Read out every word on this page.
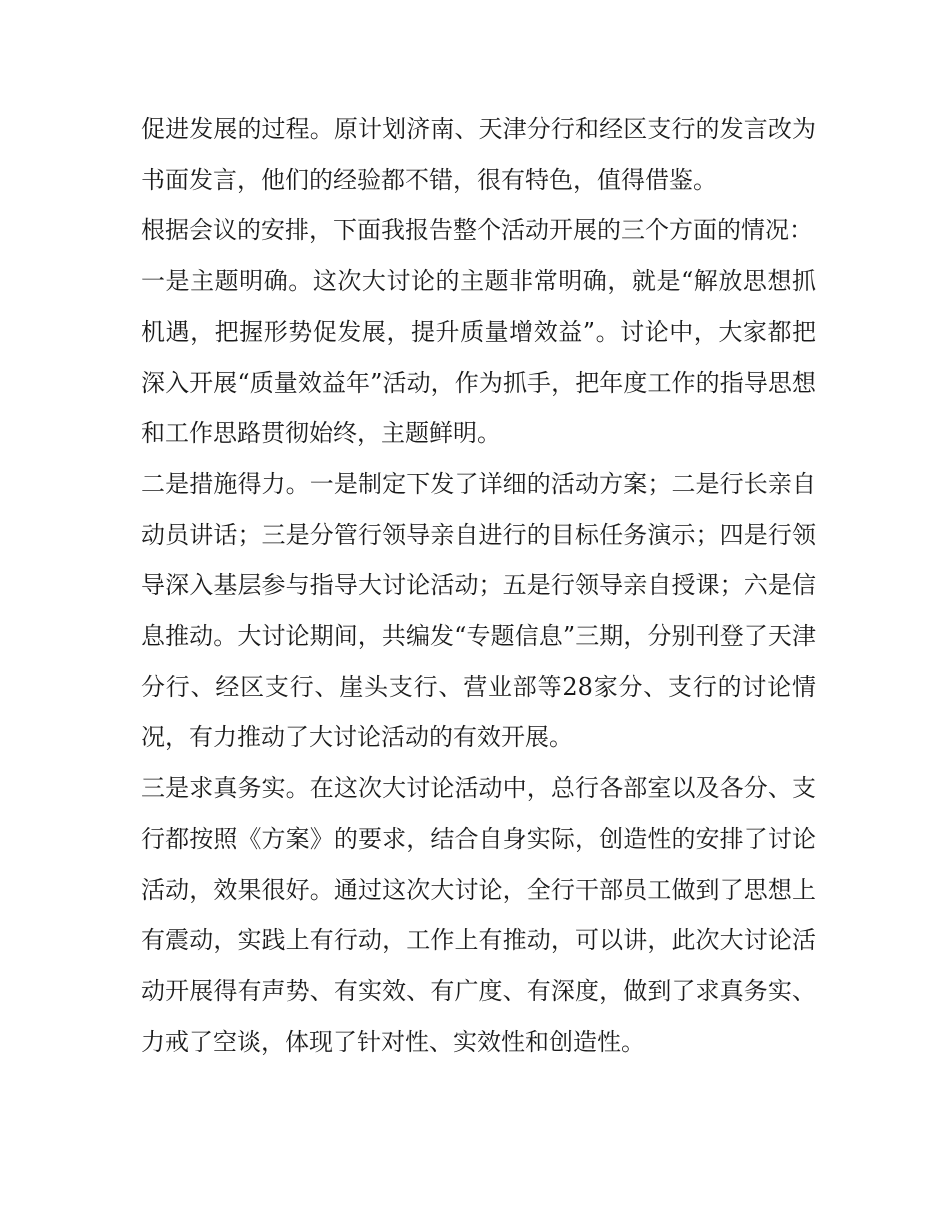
促进发展的过程。原计划济南、天津分行和经区支行的发言改为书面发言，他们的经验都不错，很有特色，值得借鉴。

根据会议的安排，下面我报告整个活动开展的三个方面的情况：

一是主题明确。这次大讨论的主题非常明确，就是“解放思想抓机遇，把握形势促发展，提升质量增效益”。讨论中，大家都把深入开展“质量效益年”活动，作为抓手，把年度工作的指导思想和工作思路贯彻始终，主题鲜明。

二是措施得力。一是制定下发了详细的活动方案；二是行长亲自动员讲话；三是分管行领导亲自进行的目标任务演示；四是行领导深入基层参与指导大讨论活动；五是行领导亲自授课；六是信息推动。大讨论期间，共编发“专题信息”三期，分别刊登了天津分行、经区支行、崖头支行、营业部等28家分、支行的讨论情况，有力推动了大讨论活动的有效开展。

三是求真务实。在这次大讨论活动中，总行各部室以及各分、支行都按照《方案》的要求，结合自身实际，创造性的安排了讨论活动，效果很好。通过这次大讨论，全行干部员工做到了思想上有震动，实践上有行动，工作上有推动，可以讲，此次大讨论活动开展得有声势、有实效、有广度、有深度，做到了求真务实、力戒了空谈，体现了针对性、实效性和创造性。
